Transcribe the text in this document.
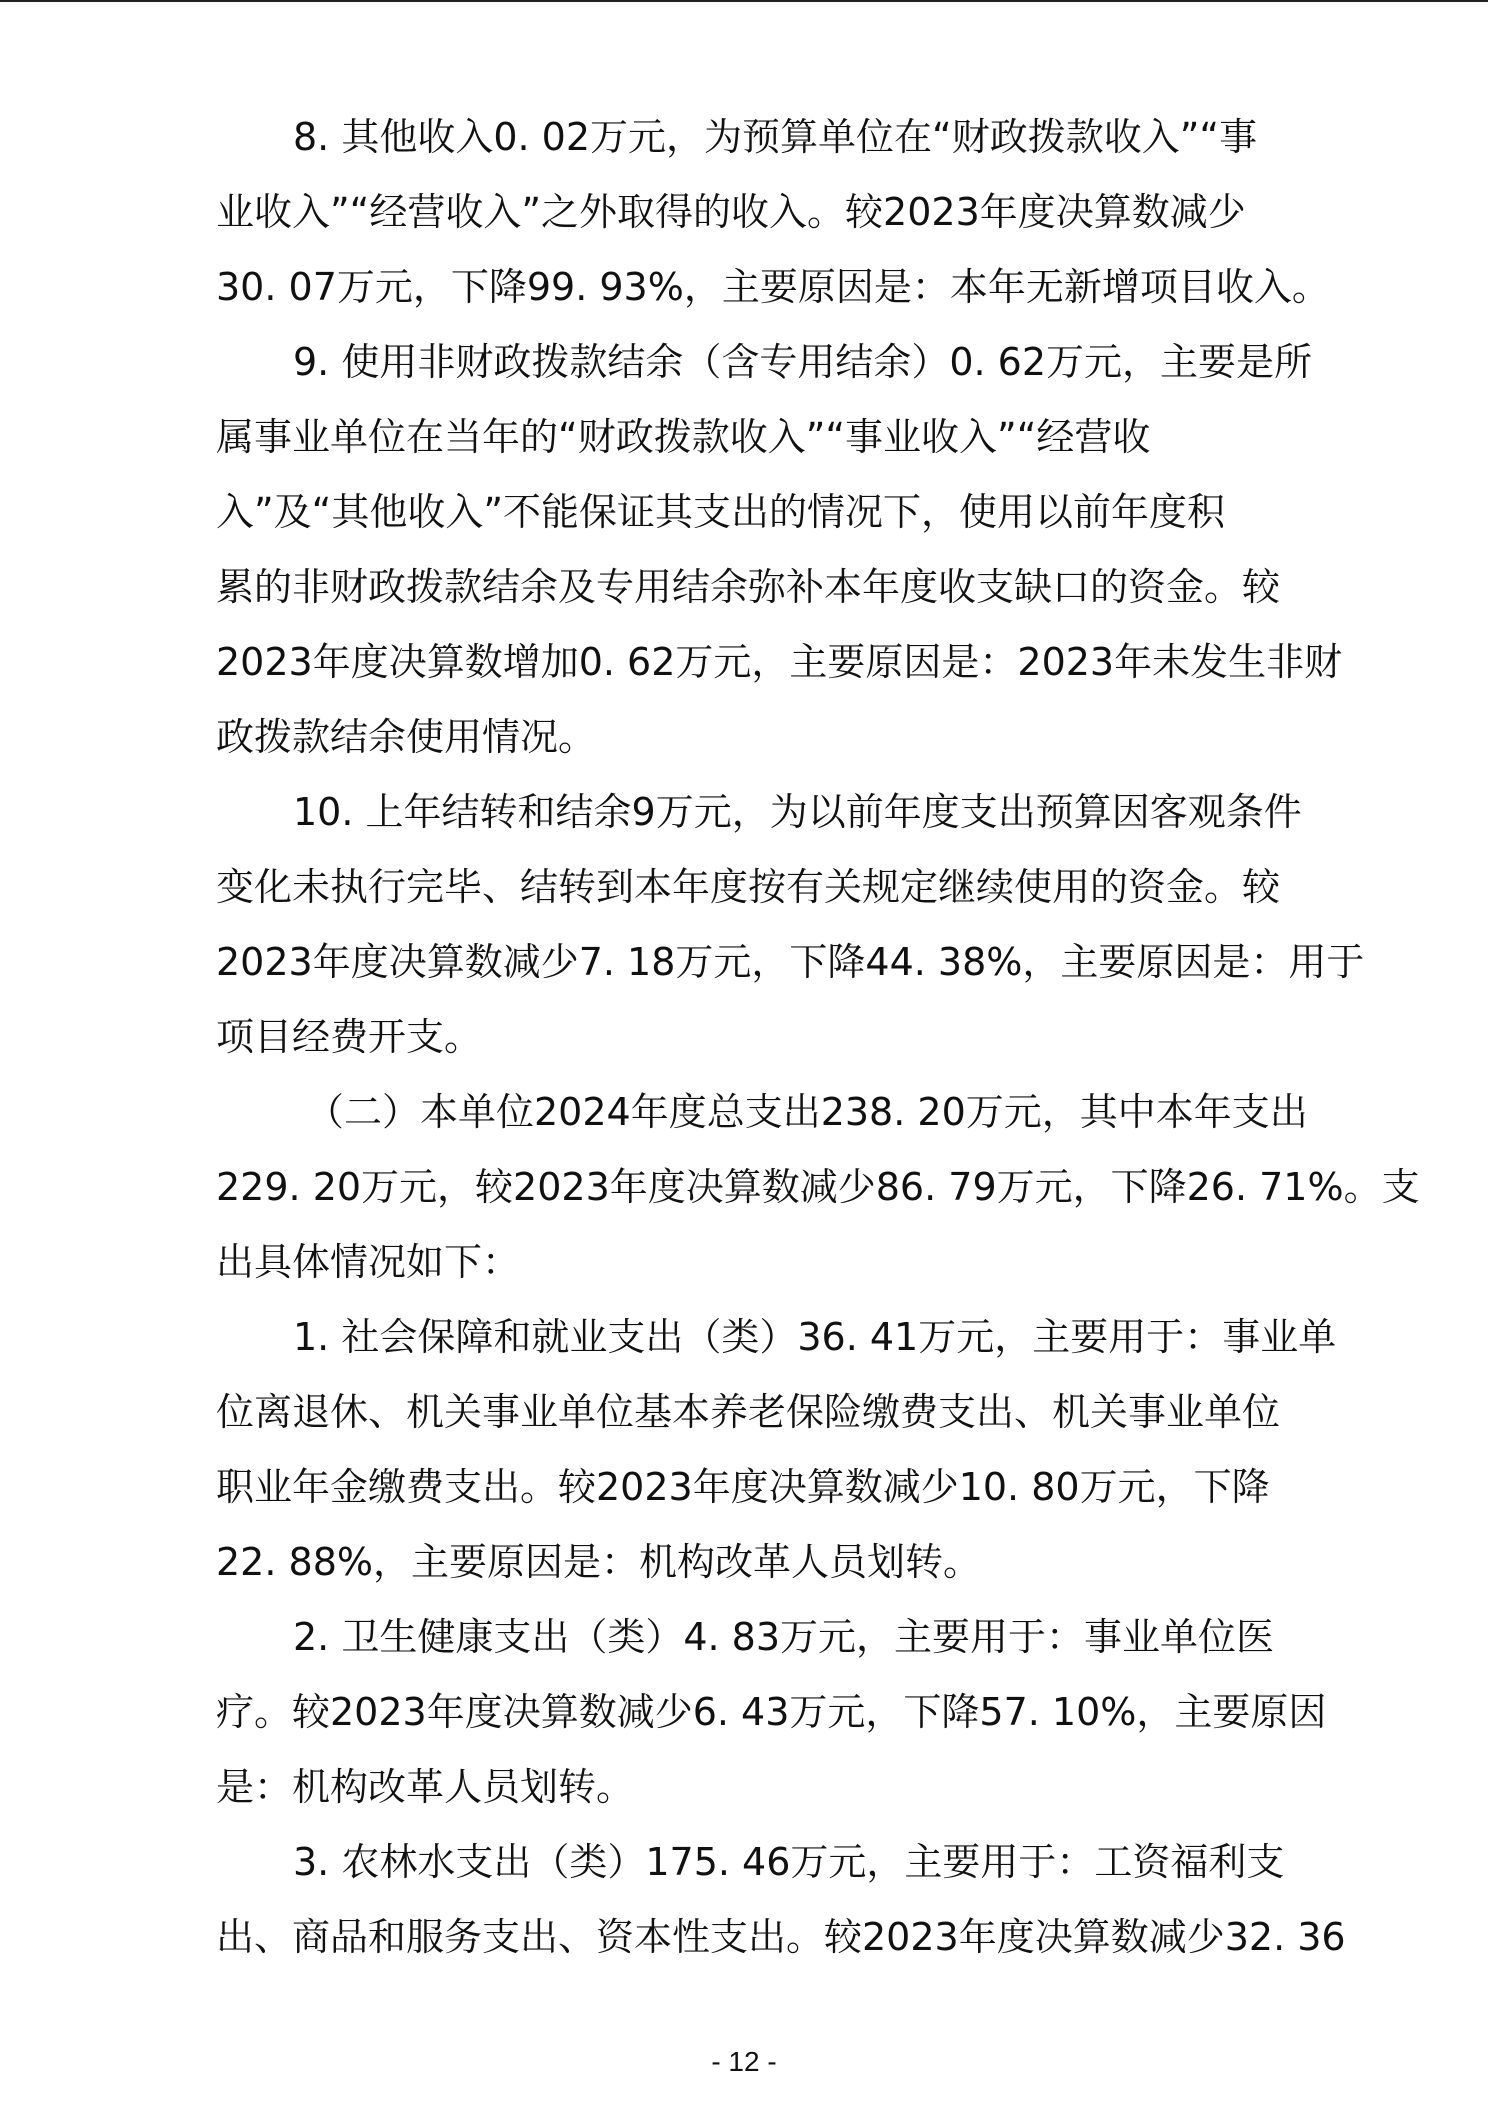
8. 其他收入0. 02万元，为预算单位在“财政拨款收入”“事
业收入”“经营收入”之外取得的收入。较2023年度决算数减少
30. 07万元，下降99. 93%，主要原因是：本年无新增项目收入。
9. 使用非财政拨款结余（含专用结余）0. 62万元，主要是所
属事业单位在当年的“财政拨款收入”“事业收入”“经营收
入”及“其他收入”不能保证其支出的情况下，使用以前年度积
累的非财政拨款结余及专用结余弥补本年度收支缺口的资金。较
2023年度决算数增加0. 62万元，主要原因是：2023年未发生非财
政拨款结余使用情况。
10. 上年结转和结余9万元，为以前年度支出预算因客观条件
变化未执行完毕、结转到本年度按有关规定继续使用的资金。较
2023年度决算数减少7. 18万元，下降44. 38%，主要原因是：用于
项目经费开支。
（二）本单位2024年度总支出238. 20万元，其中本年支出
229. 20万元，较2023年度决算数减少86. 79万元，下降26. 71%。支
出具体情况如下：
1. 社会保障和就业支出（类）36. 41万元，主要用于：事业单
位离退休、机关事业单位基本养老保险缴费支出、机关事业单位
职业年金缴费支出。较2023年度决算数减少10. 80万元，下降
22. 88%，主要原因是：机构改革人员划转。
2. 卫生健康支出（类）4. 83万元，主要用于：事业单位医
疗。较2023年度决算数减少6. 43万元，下降57. 10%，主要原因
是：机构改革人员划转。
3. 农林水支出（类）175. 46万元，主要用于：工资福利支
出、商品和服务支出、资本性支出。较2023年度决算数减少32. 36
- 12 -
